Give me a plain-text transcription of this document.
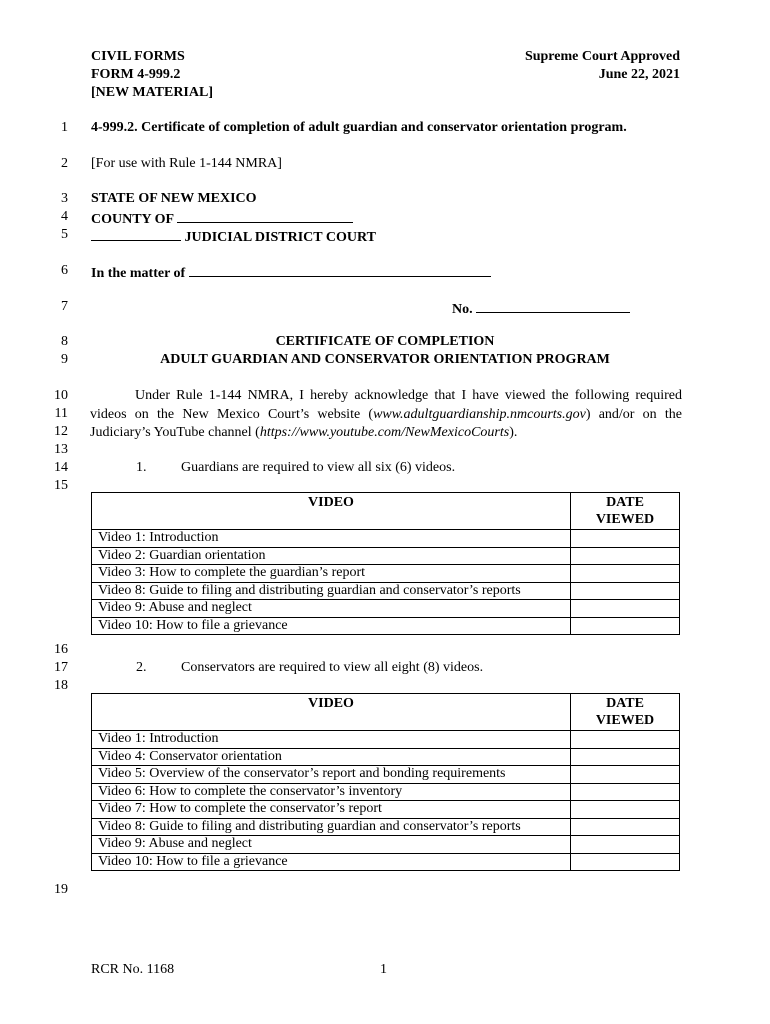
CIVIL FORMS
FORM 4-999.2
[NEW MATERIAL]
Supreme Court Approved
June 22, 2021
1
2
3
4
5
6
7
8
9
10
11
12
13
14
15
16
17
18
19
4-999.2. Certificate of completion of adult guardian and conservator orientation program.
[For use with Rule 1-144 NMRA]
STATE OF NEW MEXICO
COUNTY OF
JUDICIAL DISTRICT COURT
In the matter of
No.
CERTIFICATE OF COMPLETION
ADULT GUARDIAN AND CONSERVATOR ORIENTATION PROGRAM
Under Rule 1-144 NMRA, I hereby acknowledge that I have viewed the following required videos on the New Mexico Court’s website (www.adultguardianship.nmcourts.gov) and/or on the Judiciary’s YouTube channel (https://www.youtube.com/NewMexicoCourts).
1. Guardians are required to view all six (6) videos.
VIDEO	DATE
VIEWED

Video 1: Introduction	
Video 2: Guardian orientation	
Video 3: How to complete the guardian’s report	
Video 8: Guide to filing and distributing guardian and conservator’s reports	
Video 9: Abuse and neglect	
Video 10: How to file a grievance	
2. Conservators are required to view all eight (8) videos.
VIDEO	DATE
VIEWED

Video 1: Introduction	
Video 4: Conservator orientation	
Video 5: Overview of the conservator’s report and bonding requirements	
Video 6: How to complete the conservator’s inventory	
Video 7: How to complete the conservator’s report	
Video 8: Guide to filing and distributing guardian and conservator’s reports	
Video 9: Abuse and neglect	
Video 10: How to file a grievance	
RCR No. 1168	1
